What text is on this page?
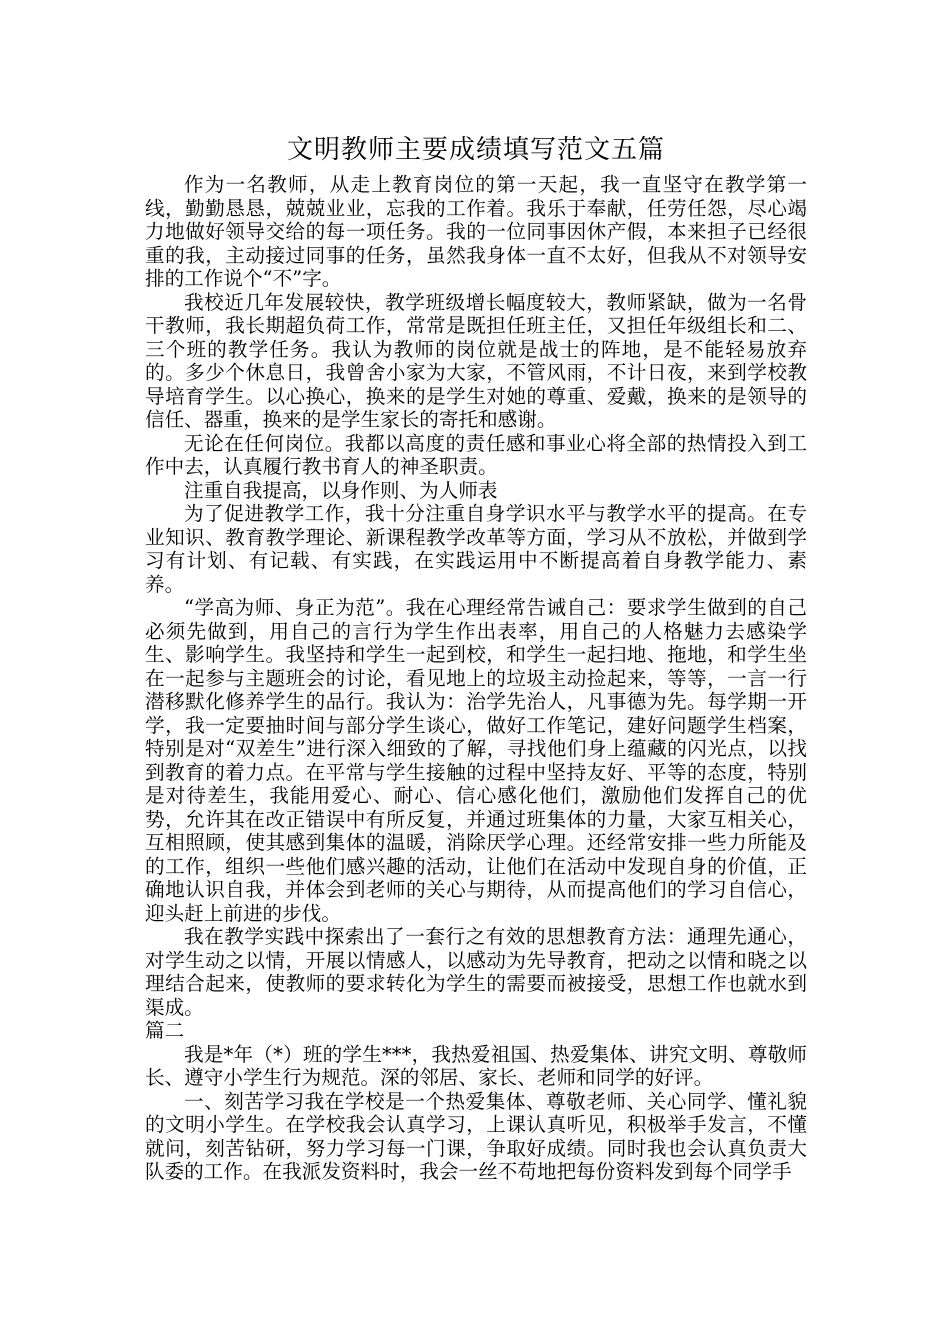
文明教师主要成绩填写范文五篇

作为一名教师，从走上教育岗位的第一天起，我一直坚守在教学第一线，勤勤恳恳，兢兢业业，忘我的工作着。我乐于奉献，任劳任怨，尽心竭力地做好领导交给的每一项任务。我的一位同事因休产假，本来担子已经很重的我，主动接过同事的任务，虽然我身体一直不太好，但我从不对领导安排的工作说个“不”字。

我校近几年发展较快，教学班级增长幅度较大，教师紧缺，做为一名骨干教师，我长期超负荷工作，常常是既担任班主任，又担任年级组长和二、三个班的教学任务。我认为教师的岗位就是战士的阵地，是不能轻易放弃的。多少个休息日，我曾舍小家为大家，不管风雨，不计日夜，来到学校教导培育学生。以心换心，换来的是学生对她的尊重、爱戴，换来的是领导的信任、器重，换来的是学生家长的寄托和感谢。

无论在任何岗位。我都以高度的责任感和事业心将全部的热情投入到工作中去，认真履行教书育人的神圣职责。

注重自我提高，以身作则、为人师表

为了促进教学工作，我十分注重自身学识水平与教学水平的提高。在专业知识、教育教学理论、新课程教学改革等方面，学习从不放松，并做到学习有计划、有记载、有实践，在实践运用中不断提高着自身教学能力、素养。

“学高为师、身正为范”。我在心理经常告诫自己：要求学生做到的自己必须先做到，用自己的言行为学生作出表率，用自己的人格魅力去感染学生、影响学生。我坚持和学生一起到校，和学生一起扫地、拖地，和学生坐在一起参与主题班会的讨论，看见地上的垃圾主动捡起来，等等，一言一行潜移默化修养学生的品行。我认为：治学先治人，凡事德为先。每学期一开学，我一定要抽时间与部分学生谈心，做好工作笔记，建好问题学生档案，特别是对“双差生”进行深入细致的了解，寻找他们身上蕴藏的闪光点，以找到教育的着力点。在平常与学生接触的过程中坚持友好、平等的态度，特别是对待差生，我能用爱心、耐心、信心感化他们，激励他们发挥自己的优势，允许其在改正错误中有所反复，并通过班集体的力量，大家互相关心，互相照顾，使其感到集体的温暖，消除厌学心理。还经常安排一些力所能及的工作，组织一些他们感兴趣的活动，让他们在活动中发现自身的价值，正确地认识自我，并体会到老师的关心与期待，从而提高他们的学习自信心，迎头赶上前进的步伐。

我在教学实践中探索出了一套行之有效的思想教育方法：通理先通心，对学生动之以情，开展以情感人，以感动为先导教育，把动之以情和晓之以理结合起来，使教师的要求转化为学生的需要而被接受，思想工作也就水到渠成。

篇二

我是*年（*）班的学生***，我热爱祖国、热爱集体、讲究文明、尊敬师长、遵守小学生行为规范。深的邻居、家长、老师和同学的好评。

一、刻苦学习我在学校是一个热爱集体、尊敬老师、关心同学、懂礼貌的文明小学生。在学校我会认真学习，上课认真听见，积极举手发言，不懂就问，刻苦钻研，努力学习每一门课，争取好成绩。同时我也会认真负责大队委的工作。在我派发资料时，我会一丝不苟地把每份资料发到每个同学手
